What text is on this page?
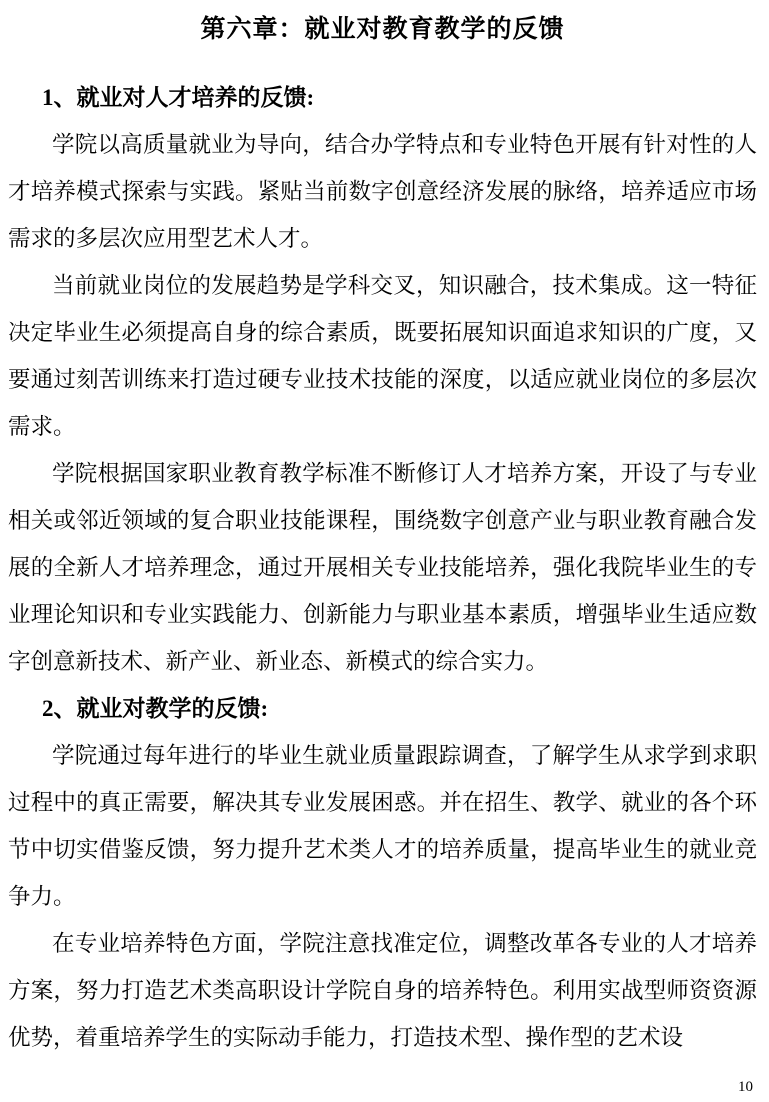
第六章：就业对教育教学的反馈
1、就业对人才培养的反馈:

学院以高质量就业为导向，结合办学特点和专业特色开展有针对性的人才培养模式探索与实践。紧贴当前数字创意经济发展的脉络，培养适应市场需求的多层次应用型艺术人才。

当前就业岗位的发展趋势是学科交叉，知识融合，技术集成。这一特征决定毕业生必须提高自身的综合素质，既要拓展知识面追求知识的广度，又要通过刻苦训练来打造过硬专业技术技能的深度，以适应就业岗位的多层次需求。

学院根据国家职业教育教学标准不断修订人才培养方案，开设了与专业相关或邻近领域的复合职业技能课程，围绕数字创意产业与职业教育融合发展的全新人才培养理念，通过开展相关专业技能培养，强化我院毕业生的专业理论知识和专业实践能力、创新能力与职业基本素质，增强毕业生适应数字创意新技术、新产业、新业态、新模式的综合实力。

2、就业对教学的反馈:

学院通过每年进行的毕业生就业质量跟踪调查，了解学生从求学到求职过程中的真正需要，解决其专业发展困惑。并在招生、教学、就业的各个环节中切实借鉴反馈，努力提升艺术类人才的培养质量，提高毕业生的就业竞争力。

在专业培养特色方面，学院注意找准定位，调整改革各专业的人才培养方案，努力打造艺术类高职设计学院自身的培养特色。利用实战型师资资源优势，着重培养学生的实际动手能力，打造技术型、操作型的艺术设

10
